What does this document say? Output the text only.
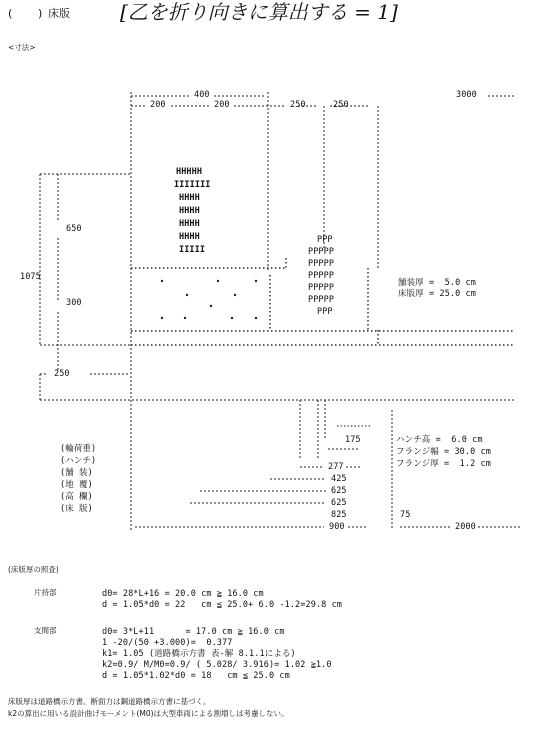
( ) 床版	[乙を折り向きに算出する = 1]
<寸法>
400
200	200	250	250
3000
650
300
1075
250
HHHHH
IIIIIII
HHHH
HHHH
HHHH
HHHH
IIIII
PPP
PPPPP
PPPPP
PPPPP
PPPPP
PPPPP
PPP
舗装厚 =  5.0 cm
床版厚 = 25.0 cm
ハンチ高 =  6.0 cm
フランジ幅 = 30.0 cm
フランジ厚 =  1.2 cm
(輪荷重)
(ハンチ)
(舗 装)
(地 覆)
(高 欄)
(床 版)
175
277
425
625
625
825
900
75
2000
(床版厚の照査)
片持部	d0= 28*L+16 = 20.0 cm ≧ 16.0 cm
d = 1.05*d0 = 22   cm ≦ 25.0+ 6.0 -1.2=29.8 cm
支間部	d0= 3*L+11      = 17.0 cm ≧ 16.0 cm
1 -20/(50 +3.000)=  0.377
k1= 1.05 (道路橋示方書 表-解 8.1.1による)
k2=0.9/ M/M0=0.9/ ( 5.028/ 3.916)= 1.02 ≧1.0
d = 1.05*1.02*d0 = 18   cm ≦ 25.0 cm
床版厚は道路橋示方書、断面力は鋼道路橋示方書に基づく。
k2の算出に用いる設計曲げモーメント(M0)は大型車両による割増しは考慮しない。
